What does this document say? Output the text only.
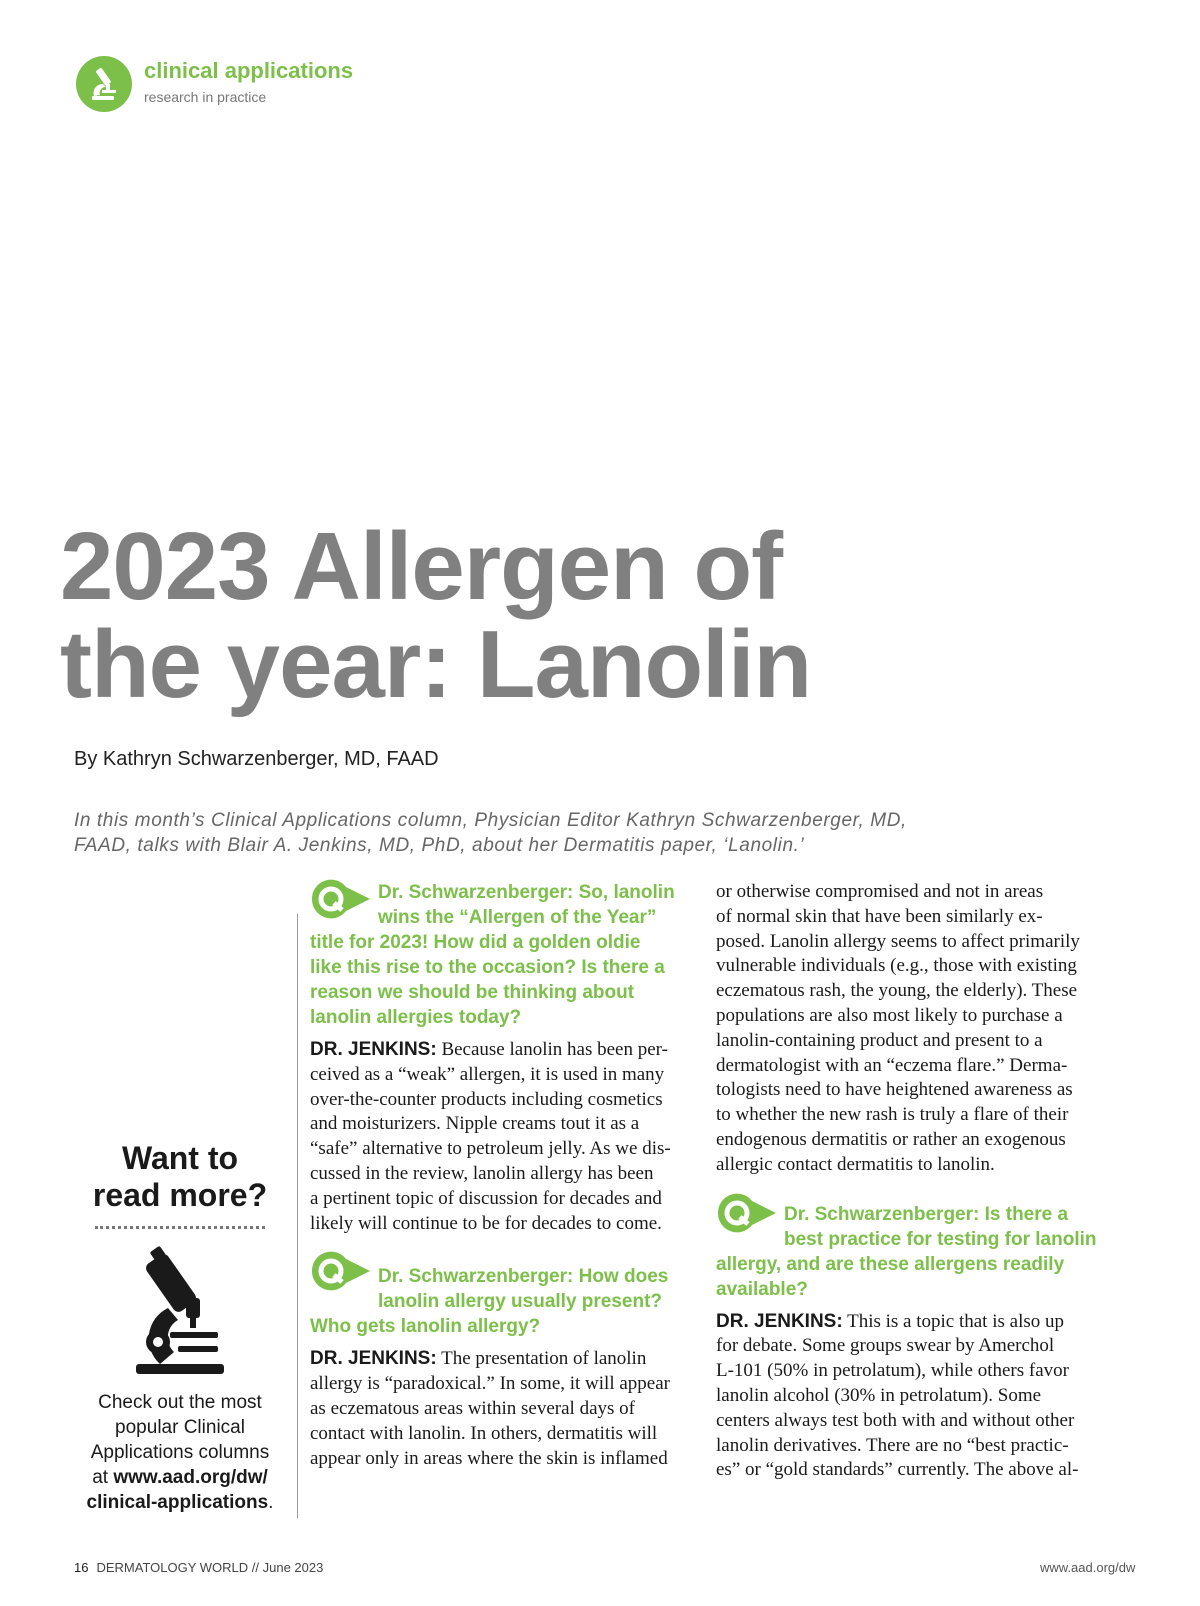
clinical applications
research in practice
2023 Allergen of
the year: Lanolin
By Kathryn Schwarzenberger, MD, FAAD
In this month’s Clinical Applications column, Physician Editor Kathryn Schwarzenberger, MD,
FAAD, talks with Blair A. Jenkins, MD, PhD, about her Dermatitis paper, ‘Lanolin.’
Want to
read more?
Check out the most
popular Clinical
Applications columns
at www.aad.org/dw/
clinical-applications.
Dr. Schwarzenberger: So, lanolin
wins the “Allergen of the Year”
title for 2023! How did a golden oldie
like this rise to the occasion? Is there a
reason we should be thinking about
lanolin allergies today?
DR. JENKINS: Because lanolin has been per-
ceived as a “weak” allergen, it is used in many
over-the-counter products including cosmetics
and moisturizers. Nipple creams tout it as a
“safe” alternative to petroleum jelly. As we dis-
cussed in the review, lanolin allergy has been
a pertinent topic of discussion for decades and
likely will continue to be for decades to come.
Dr. Schwarzenberger: How does
lanolin allergy usually present?
Who gets lanolin allergy?
DR. JENKINS: The presentation of lanolin
allergy is “paradoxical.” In some, it will appear
as eczematous areas within several days of
contact with lanolin. In others, dermatitis will
appear only in areas where the skin is inflamed
or otherwise compromised and not in areas
of normal skin that have been similarly ex-
posed. Lanolin allergy seems to affect primarily
vulnerable individuals (e.g., those with existing
eczematous rash, the young, the elderly). These
populations are also most likely to purchase a
lanolin-containing product and present to a
dermatologist with an “eczema flare.” Derma-
tologists need to have heightened awareness as
to whether the new rash is truly a flare of their
endogenous dermatitis or rather an exogenous
allergic contact dermatitis to lanolin.
Dr. Schwarzenberger: Is there a
best practice for testing for lanolin
allergy, and are these allergens readily
available?
DR. JENKINS: This is a topic that is also up
for debate. Some groups swear by Amerchol
L-101 (50% in petrolatum), while others favor
lanolin alcohol (30% in petrolatum). Some
centers always test both with and without other
lanolin derivatives. There are no “best practic-
es” or “gold standards” currently. The above al-
16 DERMATOLOGY WORLD // June 2023	www.aad.org/dw
